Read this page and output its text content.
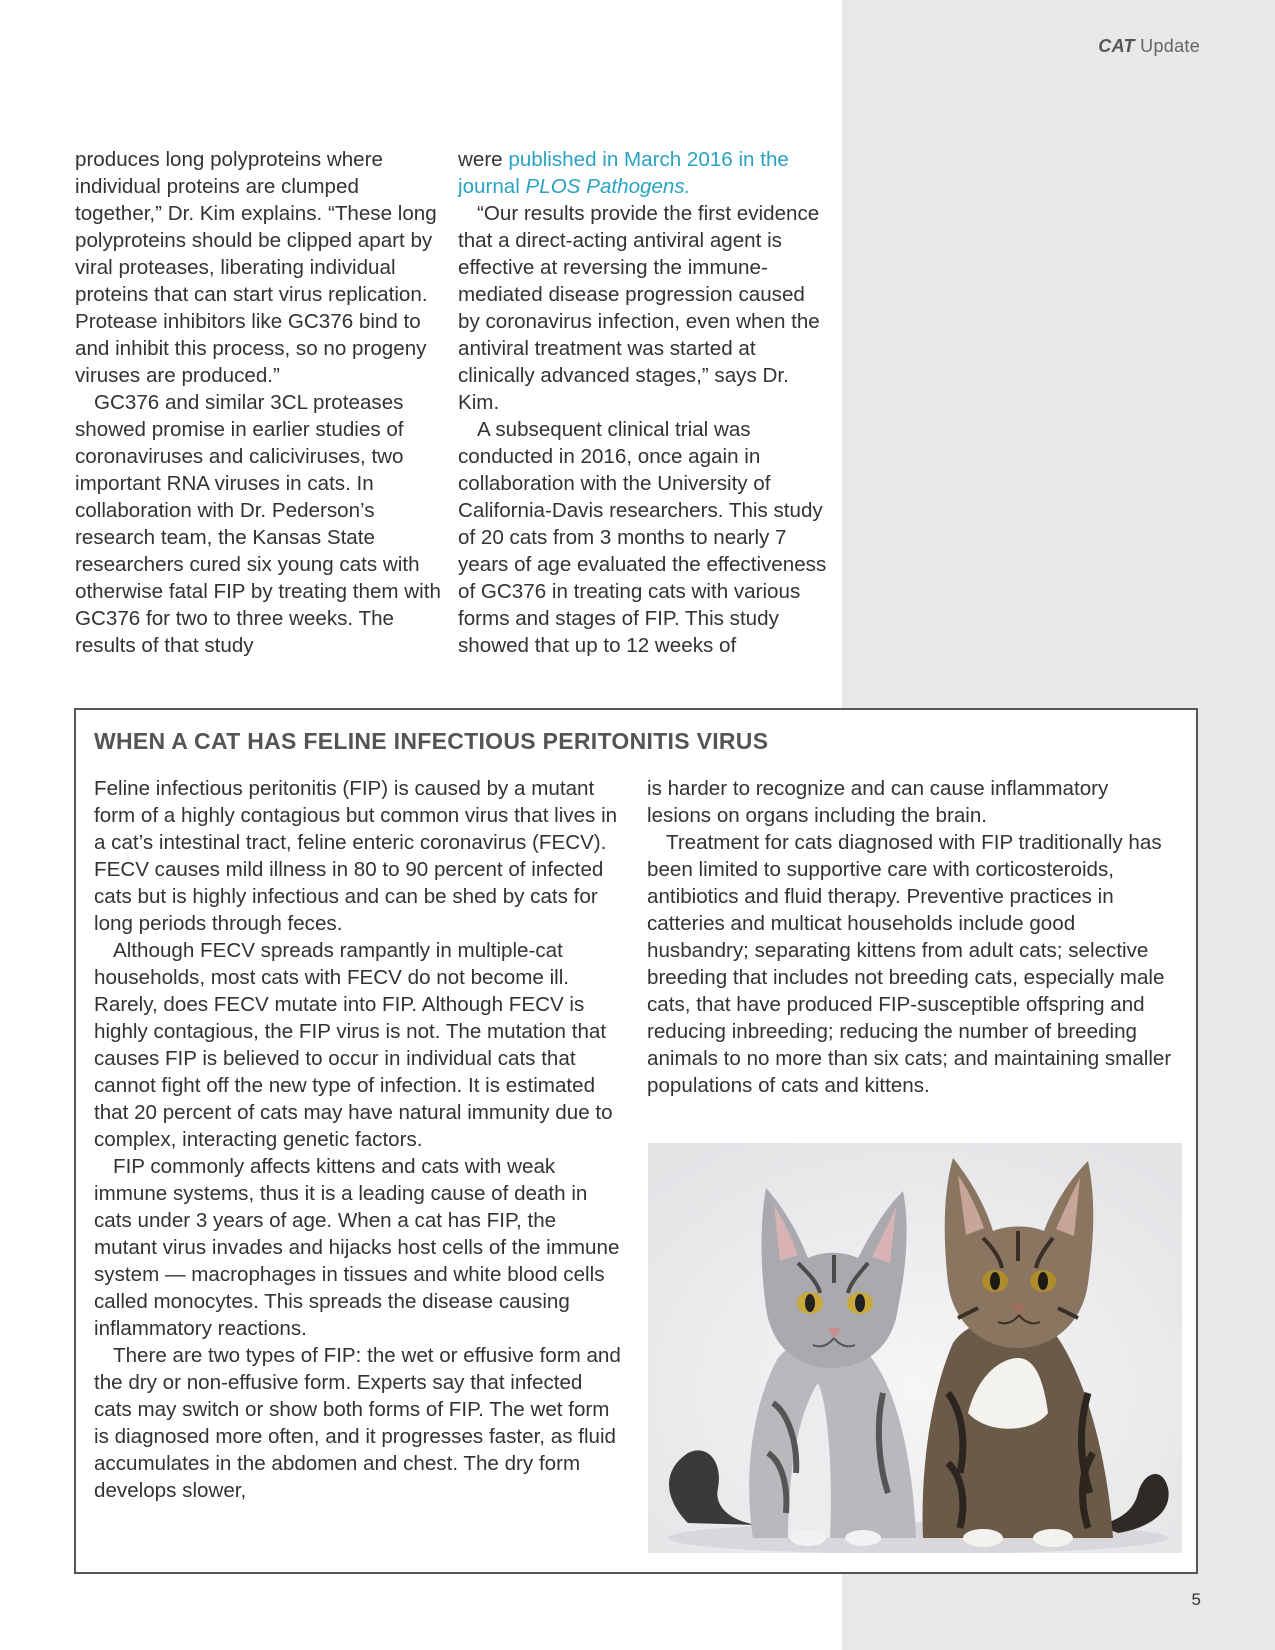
CAT Update

produces long polyproteins where individual proteins are clumped together,” Dr. Kim explains. “These long polyproteins should be clipped apart by viral proteases, liberating individual proteins that can start virus replication. Protease inhibitors like GC376 bind to and inhibit this process, so no progeny viruses are produced.”

GC376 and similar 3CL proteases showed promise in earlier studies of coronaviruses and caliciviruses, two important RNA viruses in cats. In collaboration with Dr. Pederson’s research team, the Kansas State researchers cured six young cats with otherwise fatal FIP by treating them with GC376 for two to three weeks. The results of that study

were published in March 2016 in the journal PLOS Pathogens.

“Our results provide the first evidence that a direct-acting antiviral agent is effective at reversing the immune-mediated disease progression caused by coronavirus infection, even when the antiviral treatment was started at clinically advanced stages,” says Dr. Kim.

A subsequent clinical trial was conducted in 2016, once again in collaboration with the University of California-Davis researchers. This study of 20 cats from 3 months to nearly 7 years of age evaluated the effectiveness of GC376 in treating cats with various forms and stages of FIP. This study showed that up to 12 weeks of

WHEN A CAT HAS FELINE INFECTIOUS PERITONITIS VIRUS

Feline infectious peritonitis (FIP) is caused by a mutant form of a highly contagious but common virus that lives in a cat’s intestinal tract, feline enteric coronavirus (FECV). FECV causes mild illness in 80 to 90 percent of infected cats but is highly infectious and can be shed by cats for long periods through feces.

Although FECV spreads rampantly in multiple-cat households, most cats with FECV do not become ill. Rarely, does FECV mutate into FIP. Although FECV is highly contagious, the FIP virus is not. The mutation that causes FIP is believed to occur in individual cats that cannot fight off the new type of infection. It is estimated that 20 percent of cats may have natural immunity due to complex, interacting genetic factors.

FIP commonly affects kittens and cats with weak immune systems, thus it is a leading cause of death in cats under 3 years of age. When a cat has FIP, the mutant virus invades and hijacks host cells of the immune system — macrophages in tissues and white blood cells called monocytes. This spreads the disease causing inflammatory reactions.

There are two types of FIP: the wet or effusive form and the dry or non-effusive form. Experts say that infected cats may switch or show both forms of FIP. The wet form is diagnosed more often, and it progresses faster, as fluid accumulates in the abdomen and chest. The dry form develops slower,

is harder to recognize and can cause inflammatory lesions on organs including the brain.

Treatment for cats diagnosed with FIP traditionally has been limited to supportive care with corticosteroids, antibiotics and fluid therapy. Preventive practices in catteries and multicat households include good husbandry; separating kittens from adult cats; selective breeding that includes not breeding cats, especially male cats, that have produced FIP-susceptible offspring and reducing inbreeding; reducing the number of breeding animals to no more than six cats; and maintaining smaller populations of cats and kittens.

5
